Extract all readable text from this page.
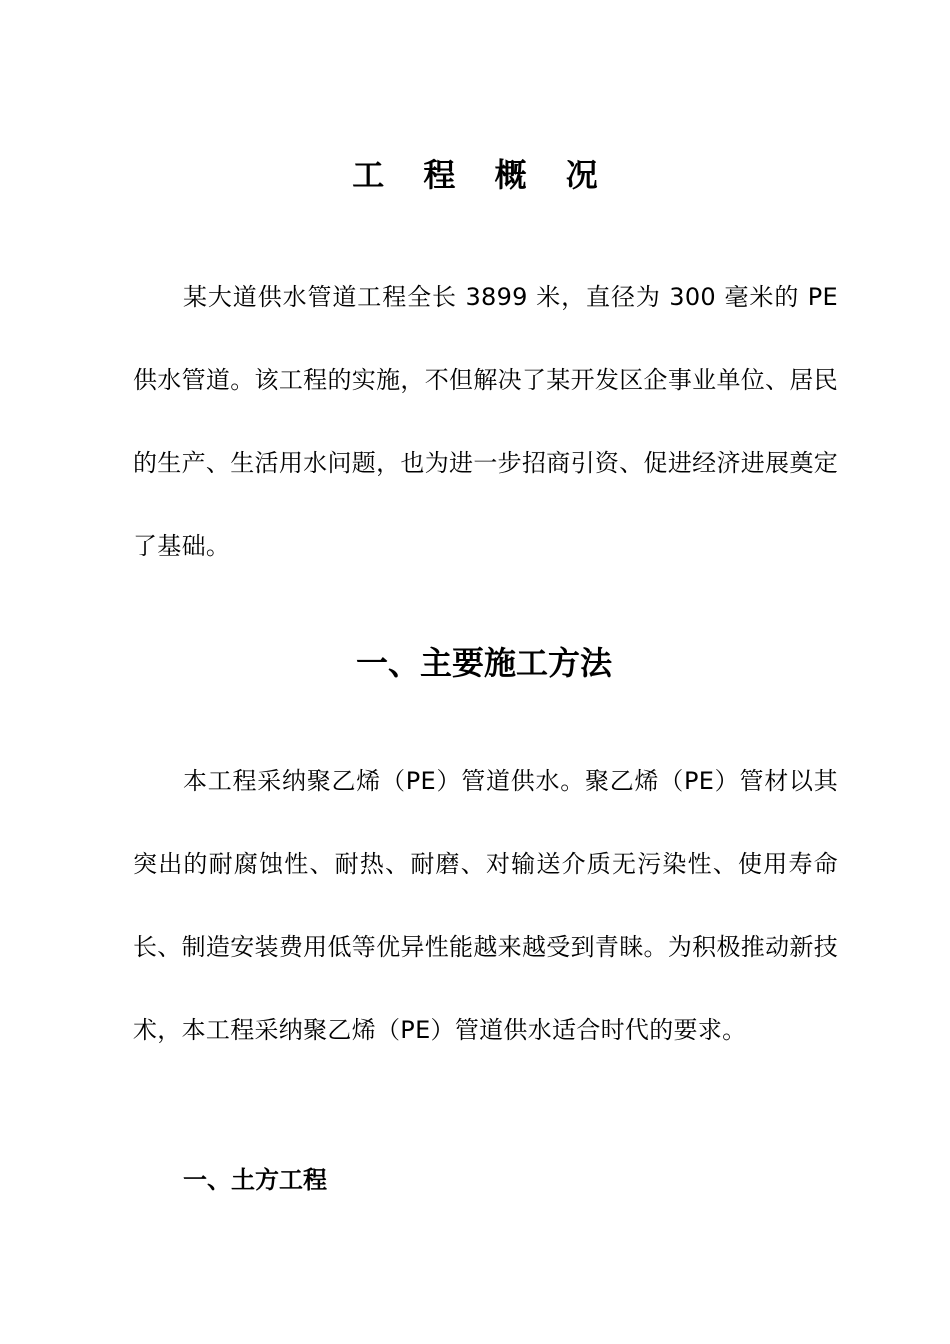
工 程 概 况

某大道供水管道工程全长 3899 米，直径为 300 毫米的 PE 供水管道。该工程的实施，不但解决了某开发区企事业单位、居民的生产、生活用水问题，也为进一步招商引资、促进经济进展奠定了基础。

一、主要施工方法

本工程采纳聚乙烯（PE）管道供水。聚乙烯（PE）管材以其突出的耐腐蚀性、耐热、耐磨、对输送介质无污染性、使用寿命长、制造安装费用低等优异性能越来越受到青睐。为积极推动新技术，本工程采纳聚乙烯（PE）管道供水适合时代的要求。

一、土方工程
